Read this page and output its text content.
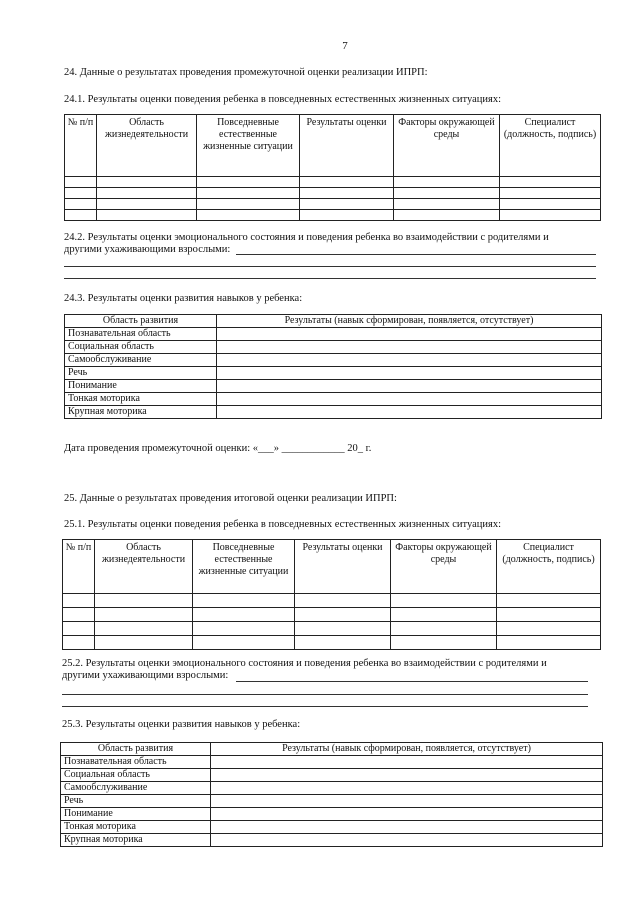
7
24. Данные о результатах проведения промежуточной оценки реализации ИПРП:
24.1. Результаты оценки поведения ребенка в повседневных естественных жизненных ситуациях:
№ п/п	Область жизнедеятельности	Повседневные естественные жизненные ситуации	Результаты оценки	Факторы окружающей среды	Специалист (должность, подпись)

24.2. Результаты оценки эмоционального состояния и поведения ребенка во взаимодействии с родителями и
другими ухаживающими взрослыми:
24.3. Результаты оценки развития навыков у ребенка:
Область развития	Результаты (навык сформирован, появляется, отсутствует)
Познавательная область	
Социальная область	
Самообслуживание	
Речь	
Понимание	
Тонкая моторика	
Крупная моторика	
Дата проведения промежуточной оценки: «___» ____________ 20_ г.
25. Данные о результатах проведения итоговой оценки реализации ИПРП:
25.1. Результаты оценки поведения ребенка в повседневных естественных жизненных ситуациях:
№ п/п	Область жизнедеятельности	Повседневные естественные жизненные ситуации	Результаты оценки	Факторы окружающей среды	Специалист (должность, подпись)

25.2. Результаты оценки эмоционального состояния и поведения ребенка во взаимодействии с родителями и
другими ухаживающими взрослыми:
25.3. Результаты оценки развития навыков у ребенка:
Область развития	Результаты (навык сформирован, появляется, отсутствует)
Познавательная область	
Социальная область	
Самообслуживание	
Речь	
Понимание	
Тонкая моторика	
Крупная моторика	
